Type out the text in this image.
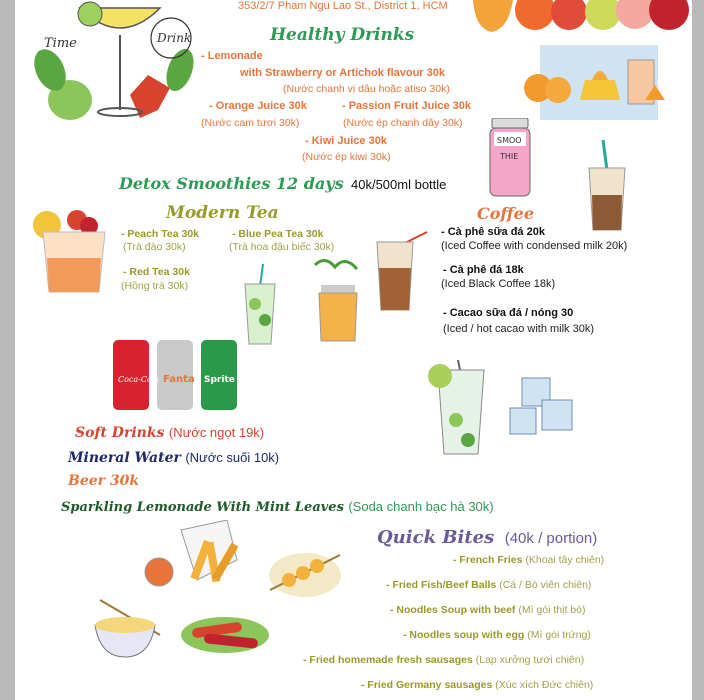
Time	Drink
353/2/7 Pham Ngu Lao St., District 1, HCM
Healthy Drinks
- Lemonade
with Strawberry or Artichok flavour 30k
(Nước chanh vị dâu hoặc atiso 30k)
- Orange Juice 30k
(Nước cam tươi 30k)
- Passion Fruit Juice 30k
(Nước ép chanh dây 30k)
- Kiwi Juice 30k
(Nước ép kiwi 30k)
SMOO
THIE
Detox Smoothies 12 days 40k/500ml bottle
Modern Tea
- Peach Tea 30k
(Trà đào 30k)
- Blue Pea Tea 30k
(Trà hoa đậu biếc 30k)
- Red Tea 30k
(Hồng trà 30k)
Coffee
- Cà phê sữa đá 20k
(Iced Coffee with condensed milk 20k)
- Cà phê đá 18k
(Iced Black Coffee 18k)
- Cacao sữa đá / nóng 30
(Iced / hot cacao with milk 30k)
Coca-Cola Fanta Sprite
Soft Drinks (Nước ngọt 19k)
Mineral Water (Nước suối 10k)
Beer 30k
Sparkling Lemonade With Mint Leaves (Soda chanh bạc hà 30k)
Quick Bites (40k / portion)
- French Fries (Khoai tây chiên)
- Fried Fish/Beef Balls (Cá / Bò viên chiên)
- Noodles Soup with beef (Mì gói thịt bò)
- Noodles soup with egg (Mì gói trứng)
- Fried homemade fresh sausages (Lạp xưởng tươi chiên)
- Fried Germany sausages (Xúc xích Đức chiên)
